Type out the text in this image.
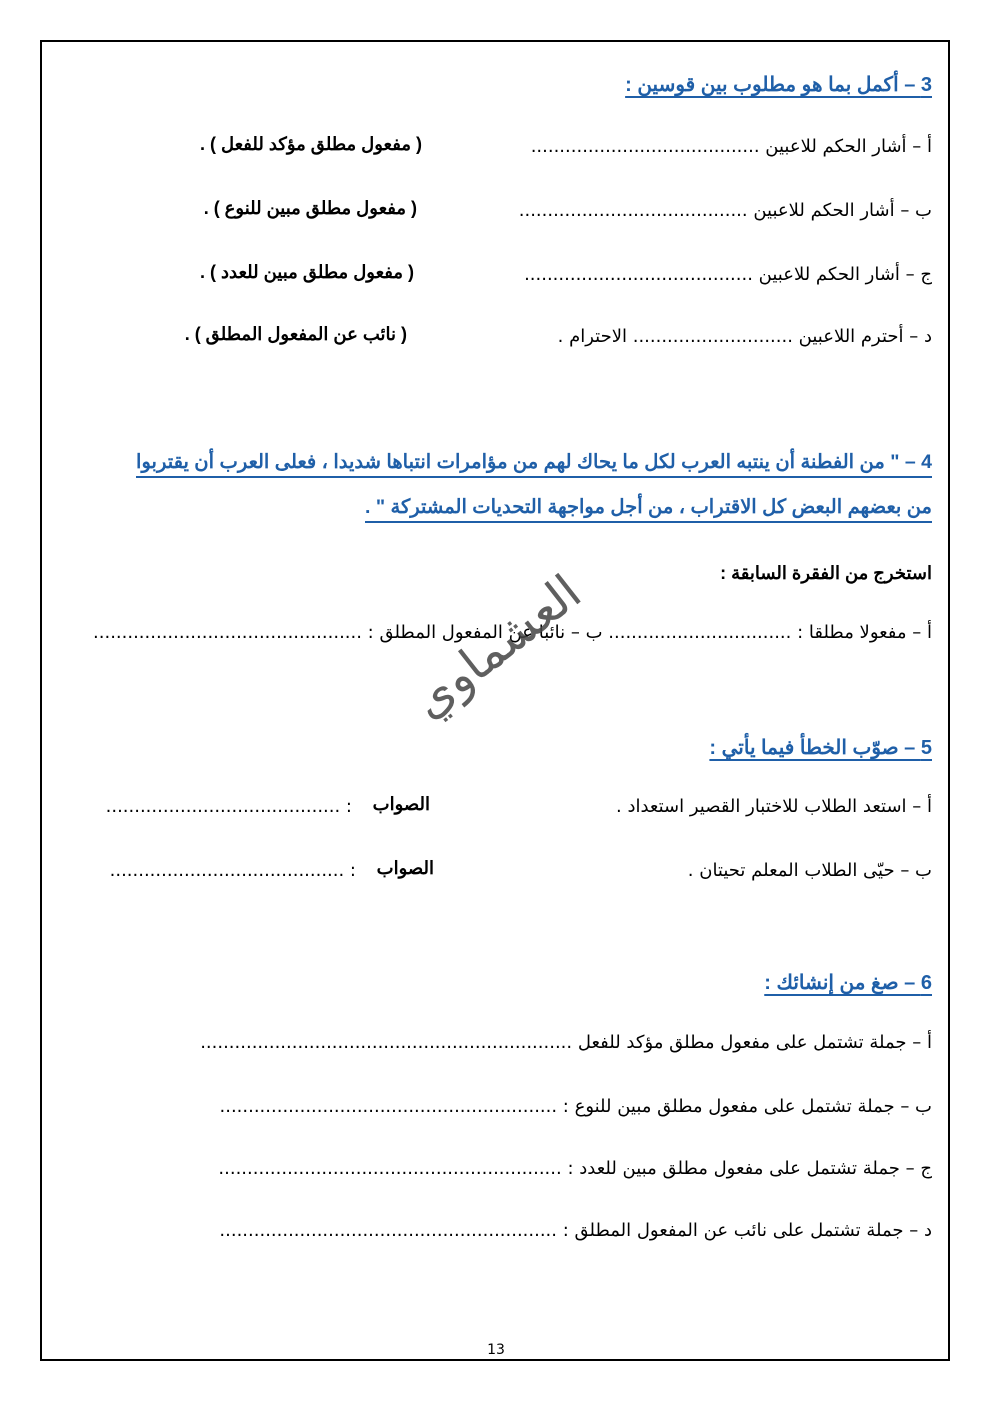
3 – أكمل بما هو مطلوب بين قوسين :
أ – أشار الحكم للاعبين ........................................
( مفعول مطلق مؤكد للفعل ) .
ب – أشار الحكم للاعبين ........................................
( مفعول مطلق مبين للنوع ) .
ج – أشار الحكم للاعبين ........................................
( مفعول مطلق مبين للعدد ) .
د – أحترم اللاعبين ............................ الاحترام .
( نائب عن المفعول المطلق ) .
4 – " من الفطنة أن ينتبه العرب لكل ما يحاك لهم من مؤامرات انتباها شديدا ، فعلى العرب أن يقتربوا
من بعضهم البعض كل الاقتراب ، من أجل مواجهة التحديات المشتركة " .
استخرج من الفقرة السابقة :
أ – مفعولا مطلقا : ................................ ب – نائبا عن المفعول المطلق : ...............................................
العشماوي
5 – صوّب الخطأ فيما يأتي :
أ – استعد الطلاب للاختبار القصير استعداد .
الصواب
: .........................................
ب – حيّى الطلاب المعلم تحيتان .
الصواب
: .........................................
6 – صغ من إنشائك :
أ – جملة تشتمل على مفعول مطلق مؤكد للفعل .................................................................
ب – جملة تشتمل على مفعول مطلق مبين للنوع : ...........................................................
ج – جملة تشتمل على مفعول مطلق مبين للعدد : ............................................................
د – جملة تشتمل على نائب عن المفعول المطلق : ...........................................................
13
